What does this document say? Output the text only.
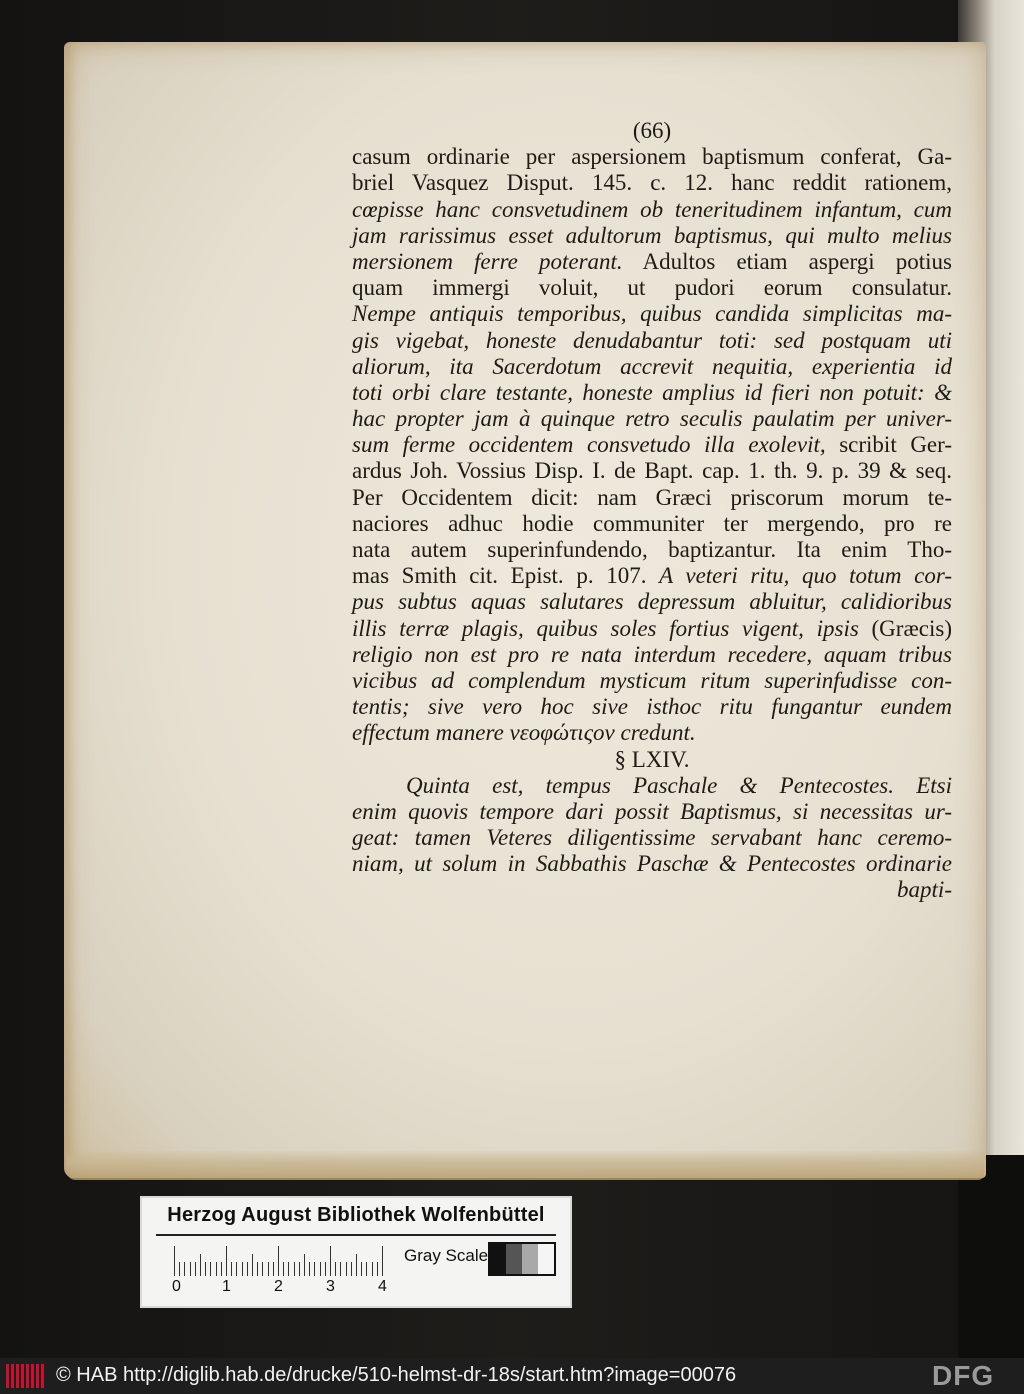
(66)
casum ordinarie per aspersionem baptismum conferat, Ga-
briel Vasquez Disput. 145. c. 12. hanc reddit rationem,
cœpisse hanc consvetudinem ob teneritudinem infantum, cum
jam rarissimus esset adultorum baptismus, qui multo melius
mersionem ferre poterant. Adultos etiam aspergi potius
quam immergi voluit, ut pudori eorum consulatur.
Nempe antiquis temporibus, quibus candida simplicitas ma-
gis vigebat, honeste denudabantur toti: sed postquam uti
aliorum, ita Sacerdotum accrevit nequitia, experientia id
toti orbi clare testante, honeste amplius id fieri non potuit: &
hac propter jam à quinque retro seculis paulatim per univer-
sum ferme occidentem consvetudo illa exolevit, scribit Ger-
ardus Joh. Vossius Disp. I. de Bapt. cap. 1. th. 9. p. 39 & seq.
Per Occidentem dicit: nam Græci priscorum morum te-
naciores adhuc hodie communiter ter mergendo, pro re
nata autem superinfundendo, baptizantur. Ita enim Tho-
mas Smith cit. Epist. p. 107. A veteri ritu, quo totum cor-
pus subtus aquas salutares depressum abluitur, calidioribus
illis terræ plagis, quibus soles fortius vigent, ipsis (Græcis)
religio non est pro re nata interdum recedere, aquam tribus
vicibus ad complendum mysticum ritum superinfudisse con-
tentis; sive vero hoc sive isthoc ritu fungantur eundem
effectum manere νεοφώτιςον credunt.
§ LXIV.
Quinta est, tempus Paschale & Pentecostes. Etsi
enim quovis tempore dari possit Baptismus, si necessitas ur-
geat: tamen Veteres diligentissime servabant hanc ceremo-
niam, ut solum in Sabbathis Paschæ & Pentecostes ordinarie
bapti-
Herzog August Bibliothek Wolfenbüttel
0	1	2	3	4
Gray Scale
© HAB http://diglib.hab.de/drucke/510-helmst-dr-18s/start.htm?image=00076	DFG
